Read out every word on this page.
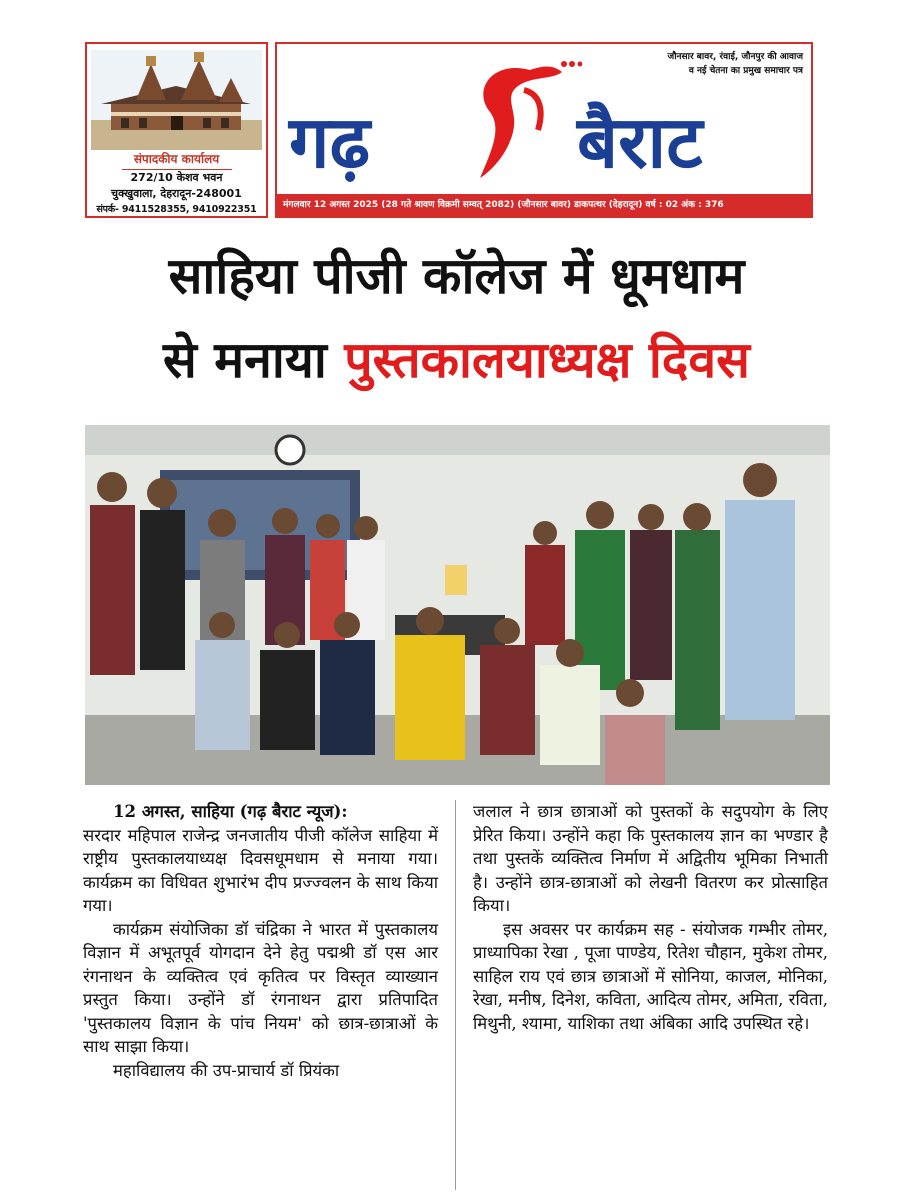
संपादकीय कार्यालय
272/10 केशव भवन
चुक्खुवाला, देहरादून-248001
संपर्क- 9411528355, 9410922351
जौनसार बावर, रंवाई, जौनपुर की आवाज
व नई चेतना का प्रमुख समाचार पत्र
गढ़	बैराट
मंगलवार 12 अगस्त 2025 (28 गते श्रावण विक्रमी सम्वत् 2082) (जौनसार बावर) डाकपत्थर (देहरादून) वर्ष : 02 अंक : 376
साहिया पीजी कॉलेज में धूमधाम
से मनाया पुस्तकालयाध्यक्ष दिवस

12 अगस्त, साहिया (गढ़ बैराट न्यूज):

सरदार महिपाल राजेन्द्र जनजातीय पीजी कॉलेज साहिया में राष्ट्रीय पुस्तकालयाध्यक्ष दिवसधूमधाम से मनाया गया। कार्यक्रम का विधिवत शुभारंभ दीप प्रज्ज्वलन के साथ किया गया।

कार्यक्रम संयोजिका डॉ चंद्रिका ने भारत में पुस्तकालय विज्ञान में अभूतपूर्व योगदान देने हेतु पद्मश्री डॉ एस आर रंगनाथन के व्यक्तित्व एवं कृतित्व पर विस्तृत व्याख्यान प्रस्तुत किया। उन्होंने डॉ रंगनाथन द्वारा प्रतिपादित 'पुस्तकालय विज्ञान के पांच नियम' को छात्र-छात्राओं के साथ साझा किया।

महाविद्यालय की उप-प्राचार्य डॉ प्रियंका

जलाल ने छात्र छात्राओं को पुस्तकों के सदुपयोग के लिए प्रेरित किया। उन्होंने कहा कि पुस्तकालय ज्ञान का भण्डार है तथा पुस्तकें व्यक्तित्व निर्माण में अद्वितीय भूमिका निभाती है। उन्होंने छात्र-छात्राओं को लेखनी वितरण कर प्रोत्साहित किया।

इस अवसर पर कार्यक्रम सह - संयोजक गम्भीर तोमर, प्राध्यापिका रेखा , पूजा पाण्डेय, रितेश चौहान, मुकेश तोमर, साहिल राय एवं छात्र छात्राओं में सोनिया, काजल, मोनिका, रेखा, मनीष, दिनेश, कविता, आदित्य तोमर, अमिता, रविता, मिथुनी, श्यामा, याशिका तथा अंबिका आदि उपस्थित रहे।
